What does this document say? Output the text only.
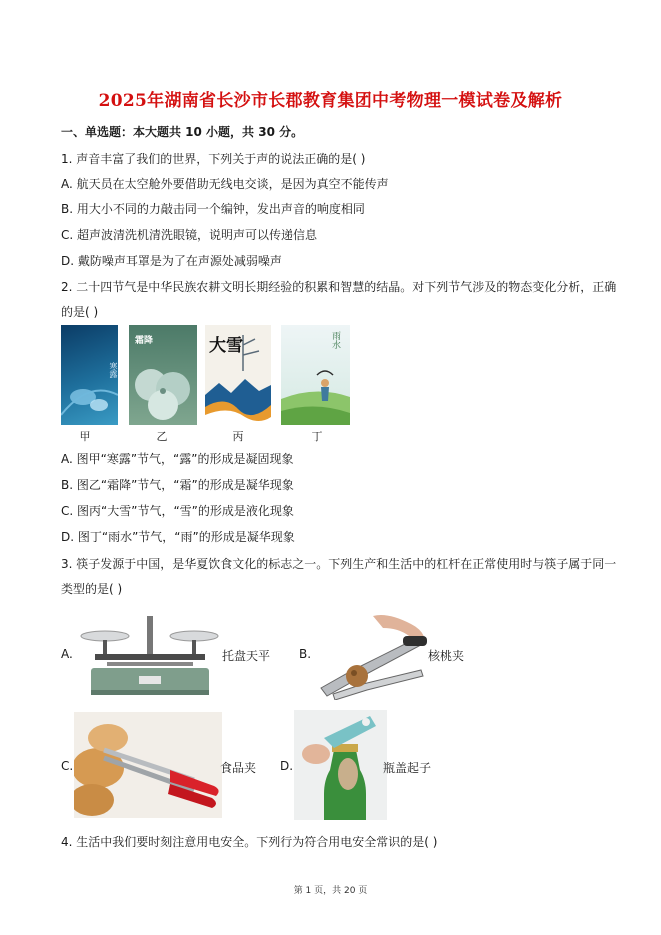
2025年湖南省长沙市长郡教育集团中考物理一模试卷及解析
一、单选题：本大题共 10 小题，共 30 分。
1. 声音丰富了我们的世界，下列关于声的说法正确的是( )
A. 航天员在太空舱外要借助无线电交谈，是因为真空不能传声
B. 用大小不同的力敲击同一个编钟，发出声音的响度相同
C. 超声波清洗机清洗眼镜，说明声可以传递信息
D. 戴防噪声耳罩是为了在声源处减弱噪声
2. 二十四节气是中华民族农耕文明长期经验的积累和智慧的结晶。对下列节气涉及的物态变化分析，正确
的是( )
寒露
甲
霜降
乙
大雪
丙
雨水
丁
A. 图甲“寒露”节气，“露”的形成是凝固现象
B. 图乙“霜降”节气，“霜”的形成是凝华现象
C. 图丙“大雪”节气，“雪”的形成是液化现象
D. 图丁“雨水”节气，“雨”的形成是凝华现象
3. 筷子发源于中国，是华夏饮食文化的标志之一。下列生产和生活中的杠杆在正常使用时与筷子属于同一
类型的是( )
A.	托盘天平 B.	核桃夹
C.	食品夹 D.	瓶盖起子
4. 生活中我们要时刻注意用电安全。下列行为符合用电安全常识的是( )
第 1 页，共 20 页
